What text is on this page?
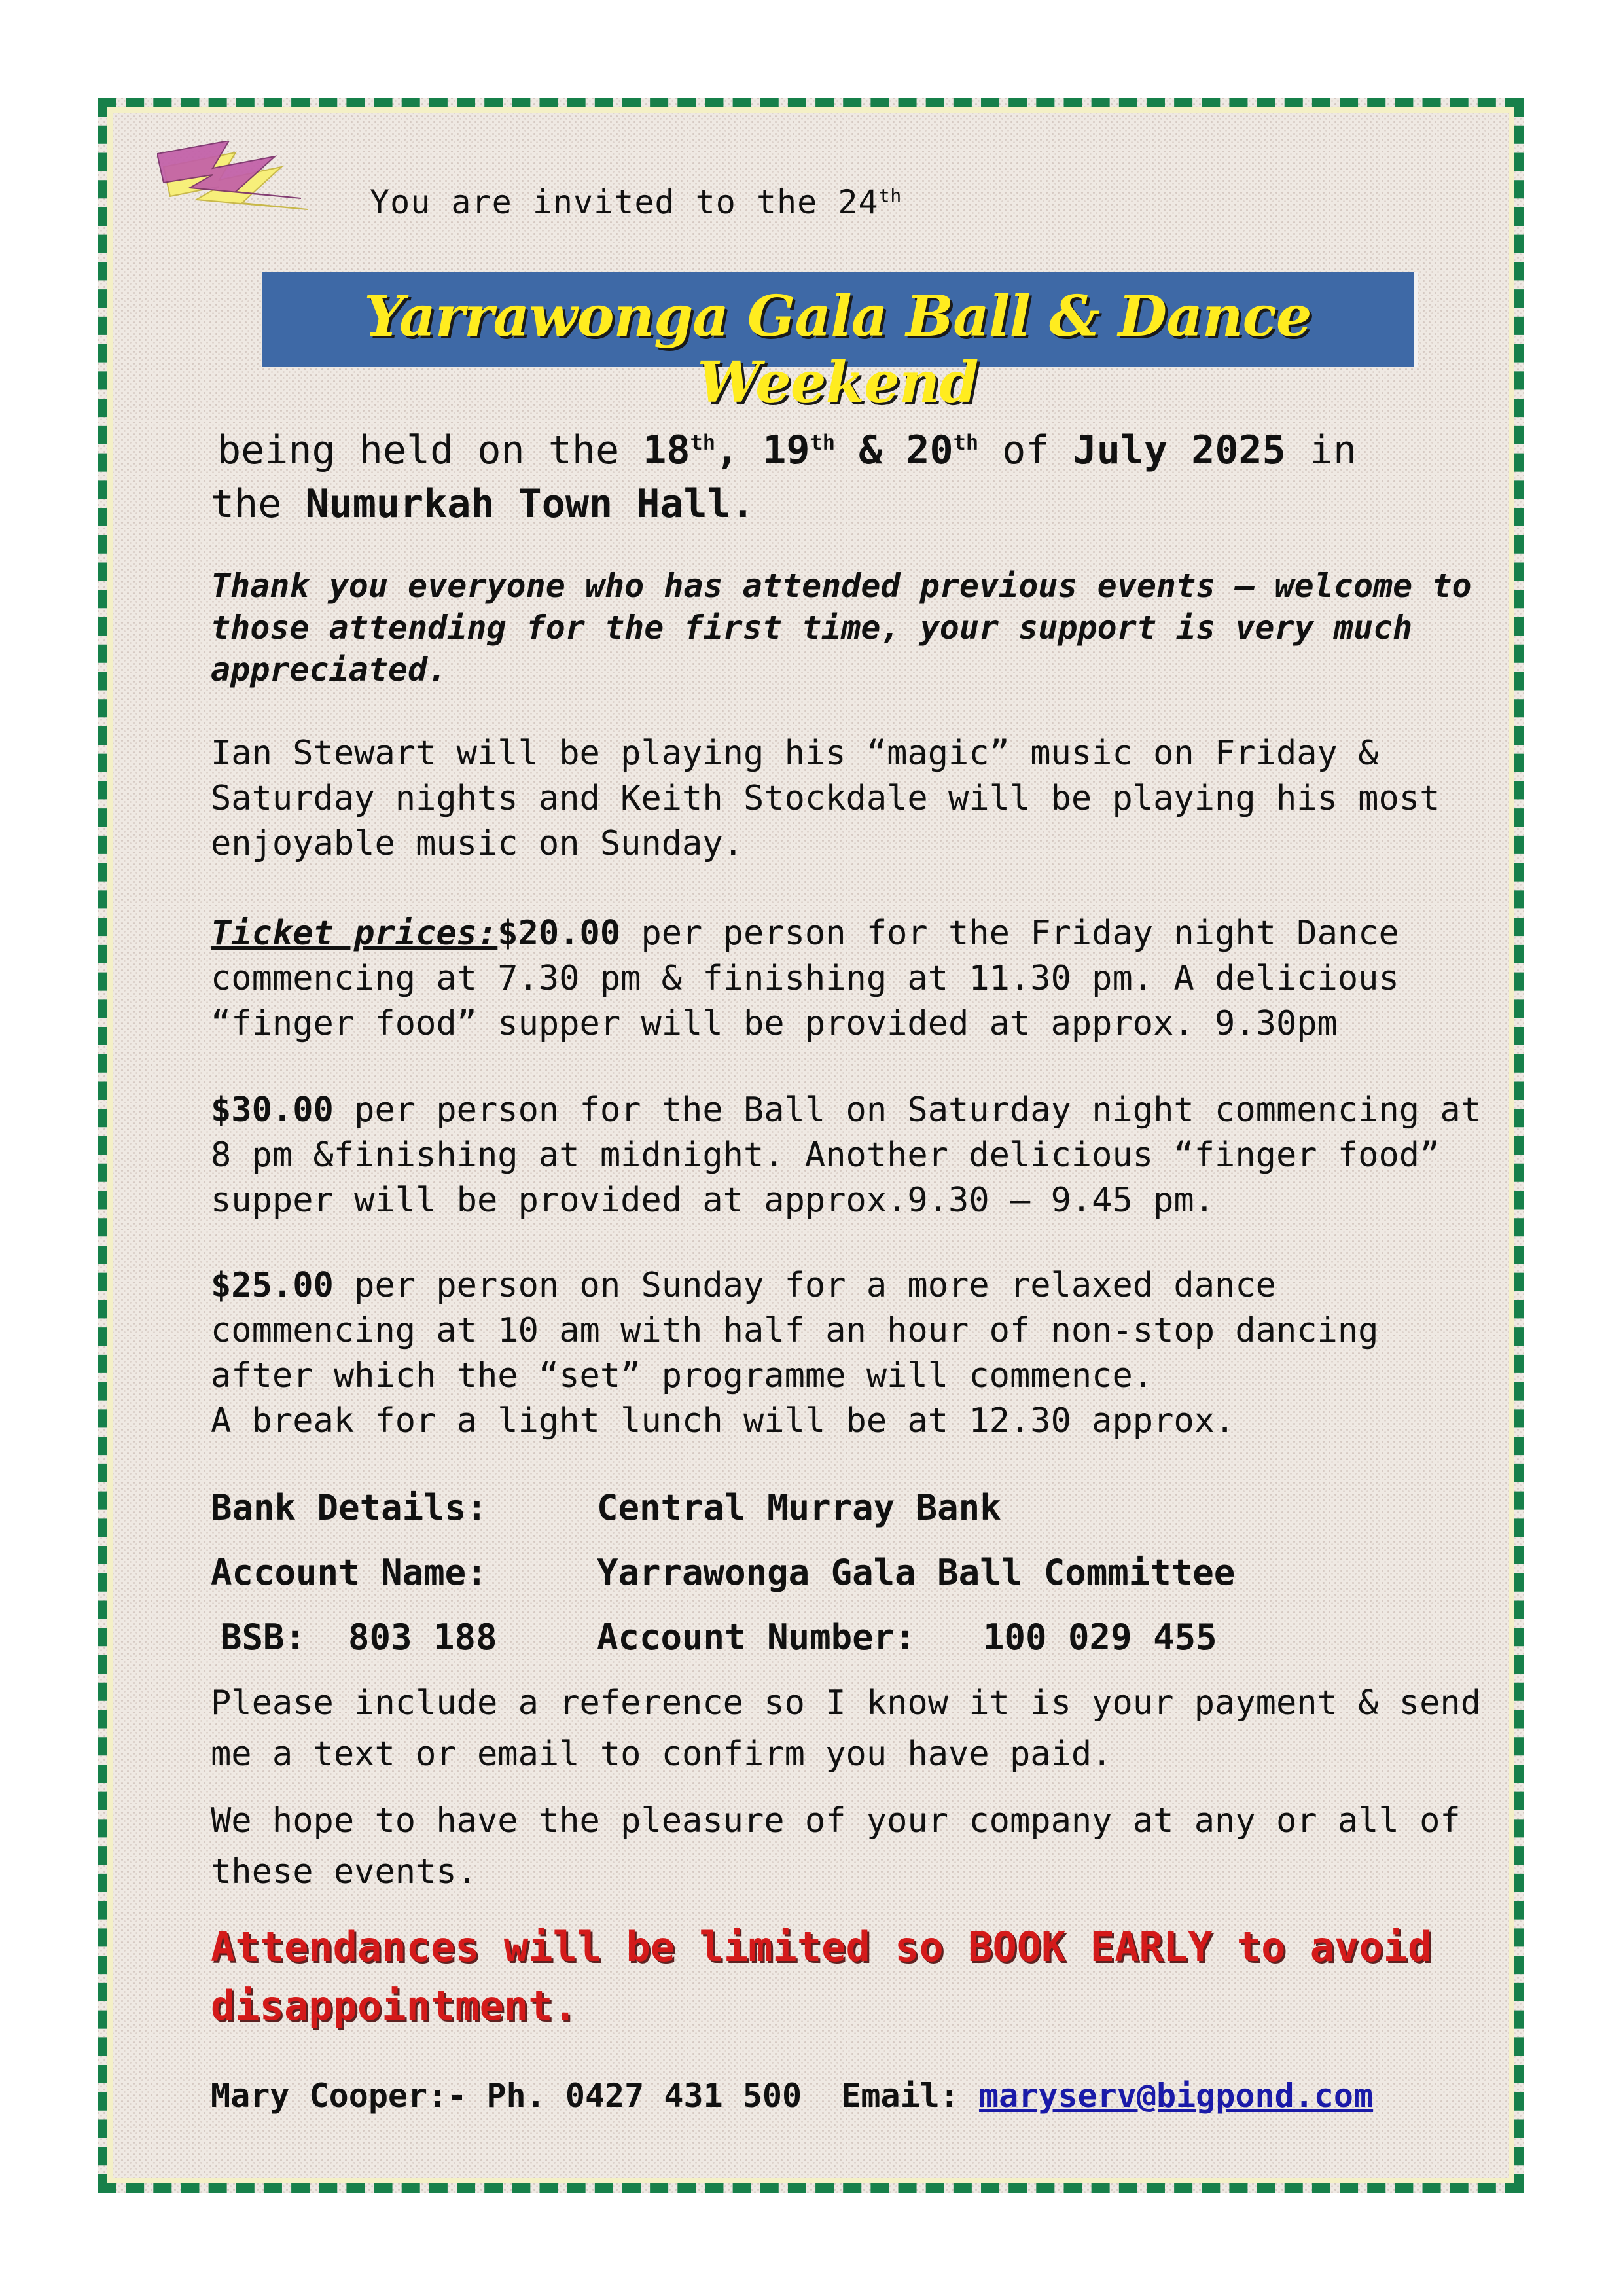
You are invited to the 24th
Yarrawonga Gala Ball & Dance Weekend
being held on the 18th, 19th & 20th of July 2025 in
the Numurkah Town Hall.
Thank you everyone who has attended previous events – welcome to those attending for the first time, your support is very much appreciated.
Ian Stewart will be playing his “magic” music on Friday & Saturday nights and Keith Stockdale will be playing his most enjoyable music on Sunday.
Ticket prices:$20.00 per person for the Friday night Dance commencing at 7.30 pm & finishing at 11.30 pm. A delicious “finger food” supper will be provided at approx. 9.30pm
$30.00 per person for the Ball on Saturday night commencing at 8 pm &finishing at midnight. Another delicious “finger food” supper will be provided at approx.9.30 – 9.45 pm.
$25.00 per person on Sunday for a more relaxed dance commencing at 10 am with half an hour of non-stop dancing after which the “set” programme will commence.
A break for a light lunch will be at 12.30 approx.
Bank Details:	Central Murray Bank
Account Name:	Yarrawonga Gala Ball Committee
BSB: 803 188	Account Number: 100 029 455
Please include a reference so I know it is your payment & send me a text or email to confirm you have paid.
We hope to have the pleasure of your company at any or all of these events.
Attendances will be limited so BOOK EARLY to avoid disappointment.
Mary Cooper:- Ph. 0427 431 500 Email: maryserv@bigpond.com
